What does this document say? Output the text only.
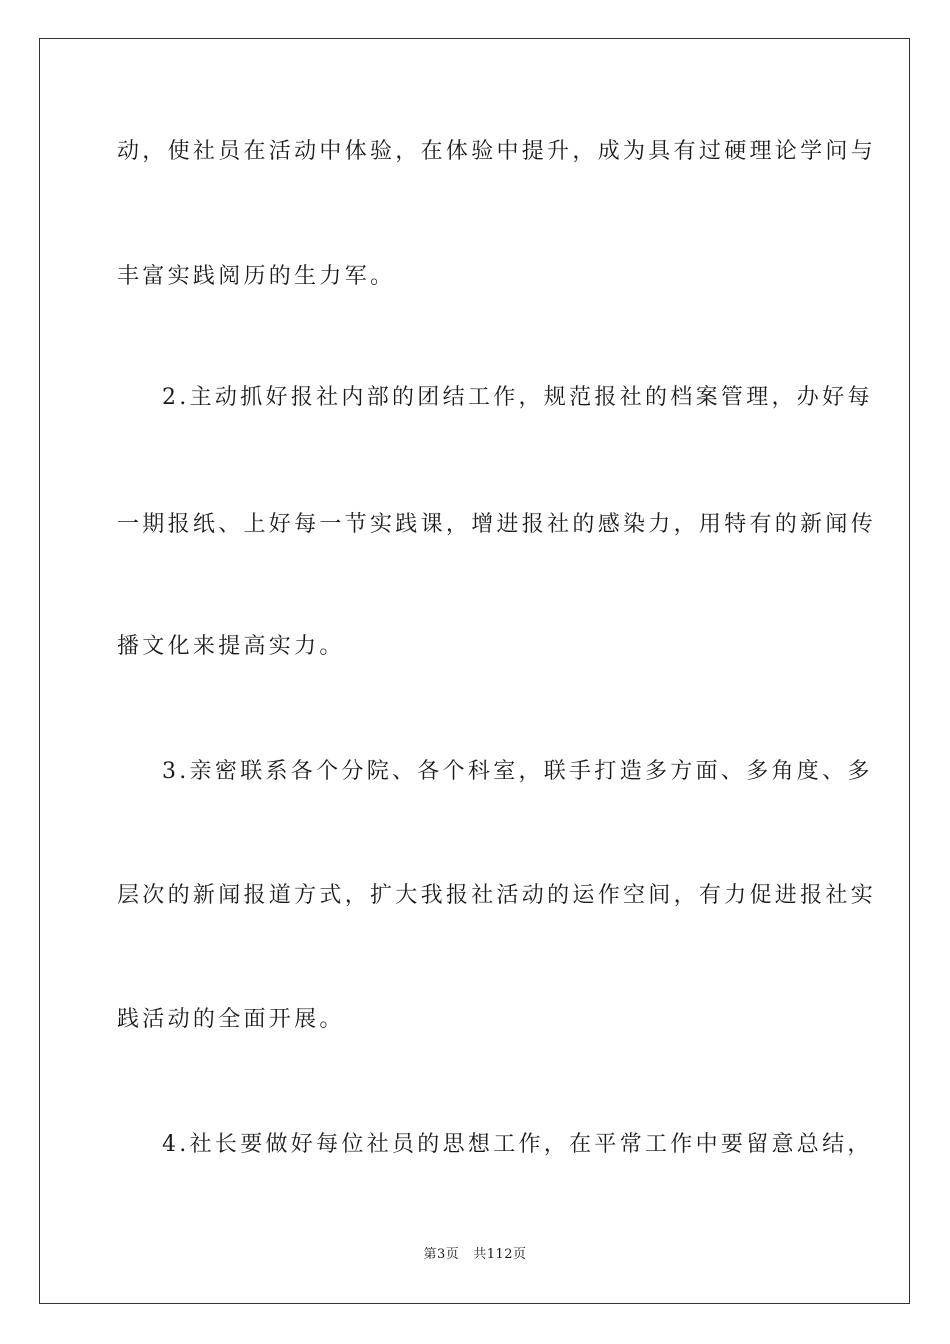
动，使社员在活动中体验，在体验中提升，成为具有过硬理论学问与
丰富实践阅历的生力军。
2.主动抓好报社内部的团结工作，规范报社的档案管理，办好每
一期报纸、上好每一节实践课，增进报社的感染力，用特有的新闻传
播文化来提高实力。
3.亲密联系各个分院、各个科室，联手打造多方面、多角度、多
层次的新闻报道方式，扩大我报社活动的运作空间，有力促进报社实
践活动的全面开展。
4.社长要做好每位社员的思想工作，在平常工作中要留意总结，
第3页 共112页
